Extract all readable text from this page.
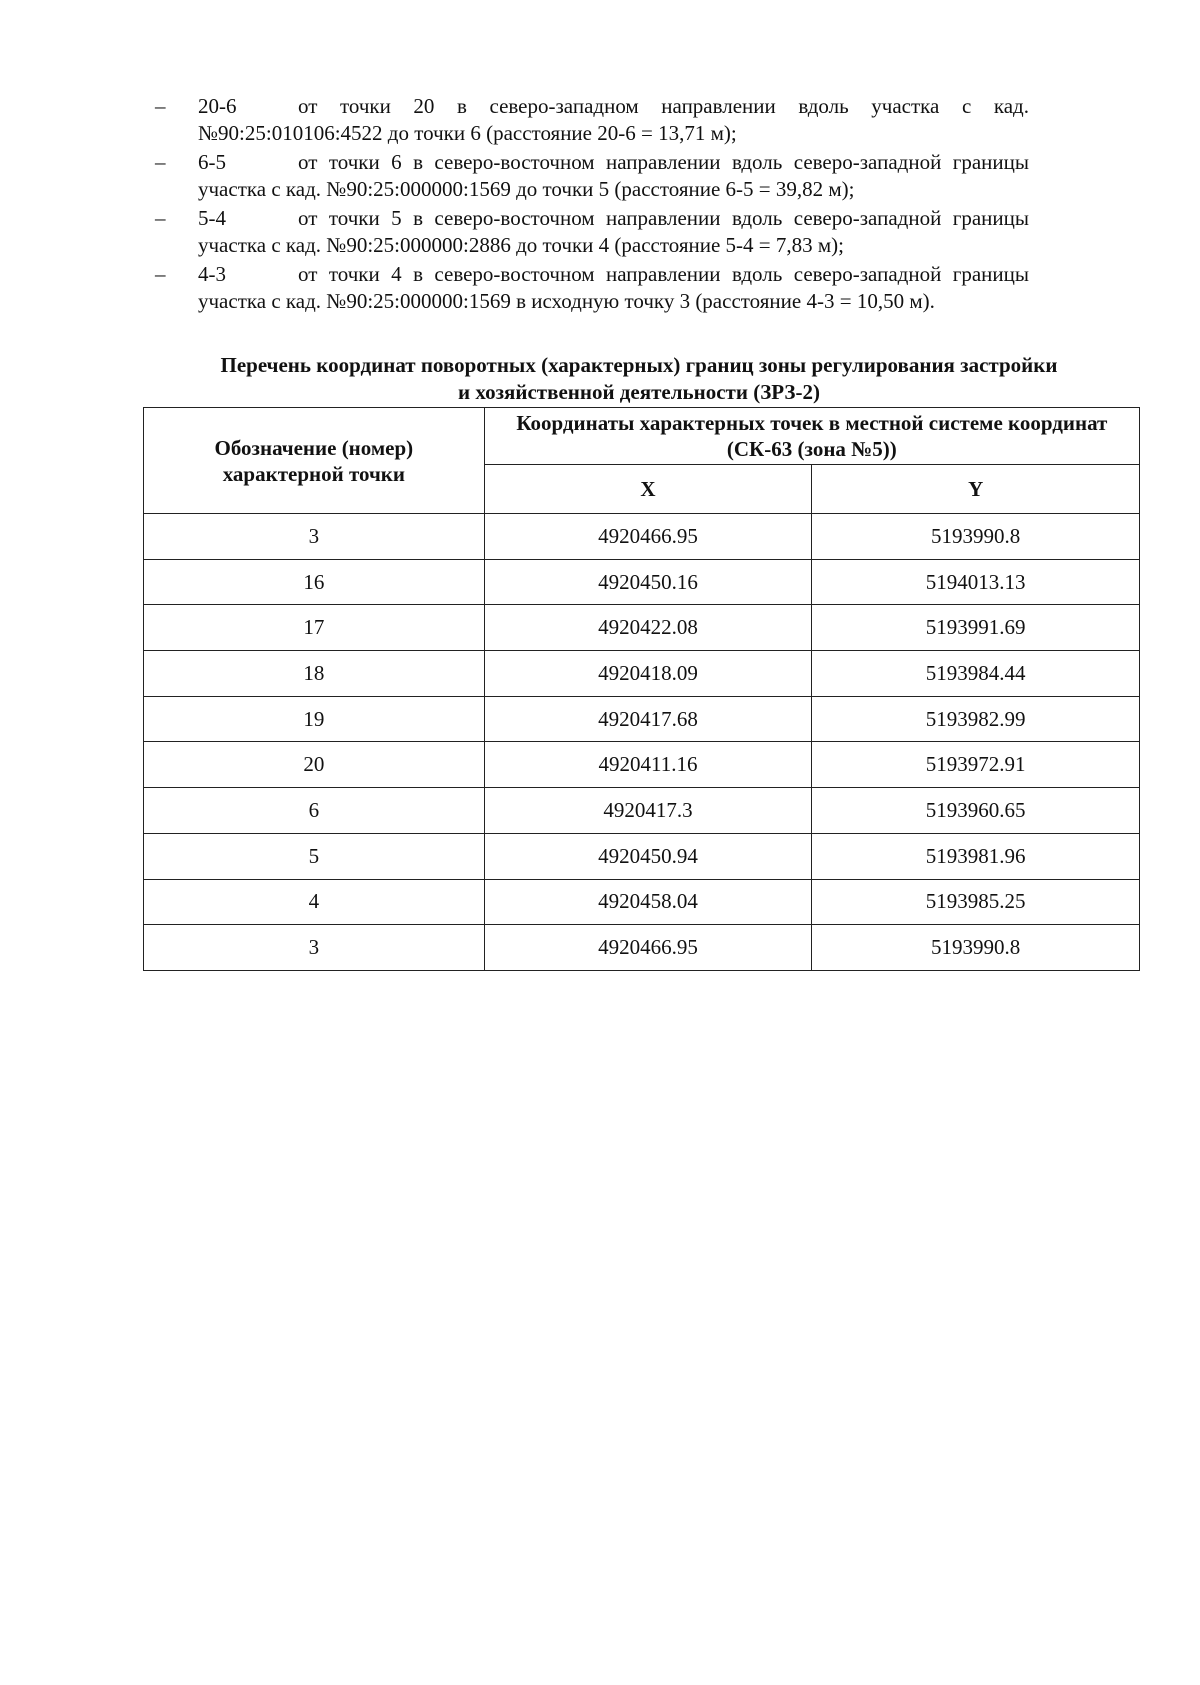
– 20-6	от точки 20 в северо-западном направлении вдоль участка с кад.
№90:25:010106:4522 до точки 6 (расстояние 20-6 = 13,71 м);
– 6-5	от точки 6 в северо-восточном направлении вдоль северо-западной границы
участка с кад. №90:25:000000:1569 до точки 5 (расстояние 6-5 = 39,82 м);
– 5-4	от точки 5 в северо-восточном направлении вдоль северо-западной границы
участка с кад. №90:25:000000:2886 до точки 4 (расстояние 5-4 = 7,83 м);
– 4-3	от точки 4 в северо-восточном направлении вдоль северо-западной границы
участка с кад. №90:25:000000:1569 в исходную точку 3 (расстояние 4-3 = 10,50 м).
Перечень координат поворотных (характерных) границ зоны регулирования застройки
и хозяйственной деятельности (ЗРЗ-2)
Обозначение (номер) характерной точки	Координаты характерных точек в местной системе координат (СК-63 (зона №5))	
	X	Y
3	4920466.95	5193990.8
16	4920450.16	5194013.13
17	4920422.08	5193991.69
18	4920418.09	5193984.44
19	4920417.68	5193982.99
20	4920411.16	5193972.91
6	4920417.3	5193960.65
5	4920450.94	5193981.96
4	4920458.04	5193985.25
3	4920466.95	5193990.8
